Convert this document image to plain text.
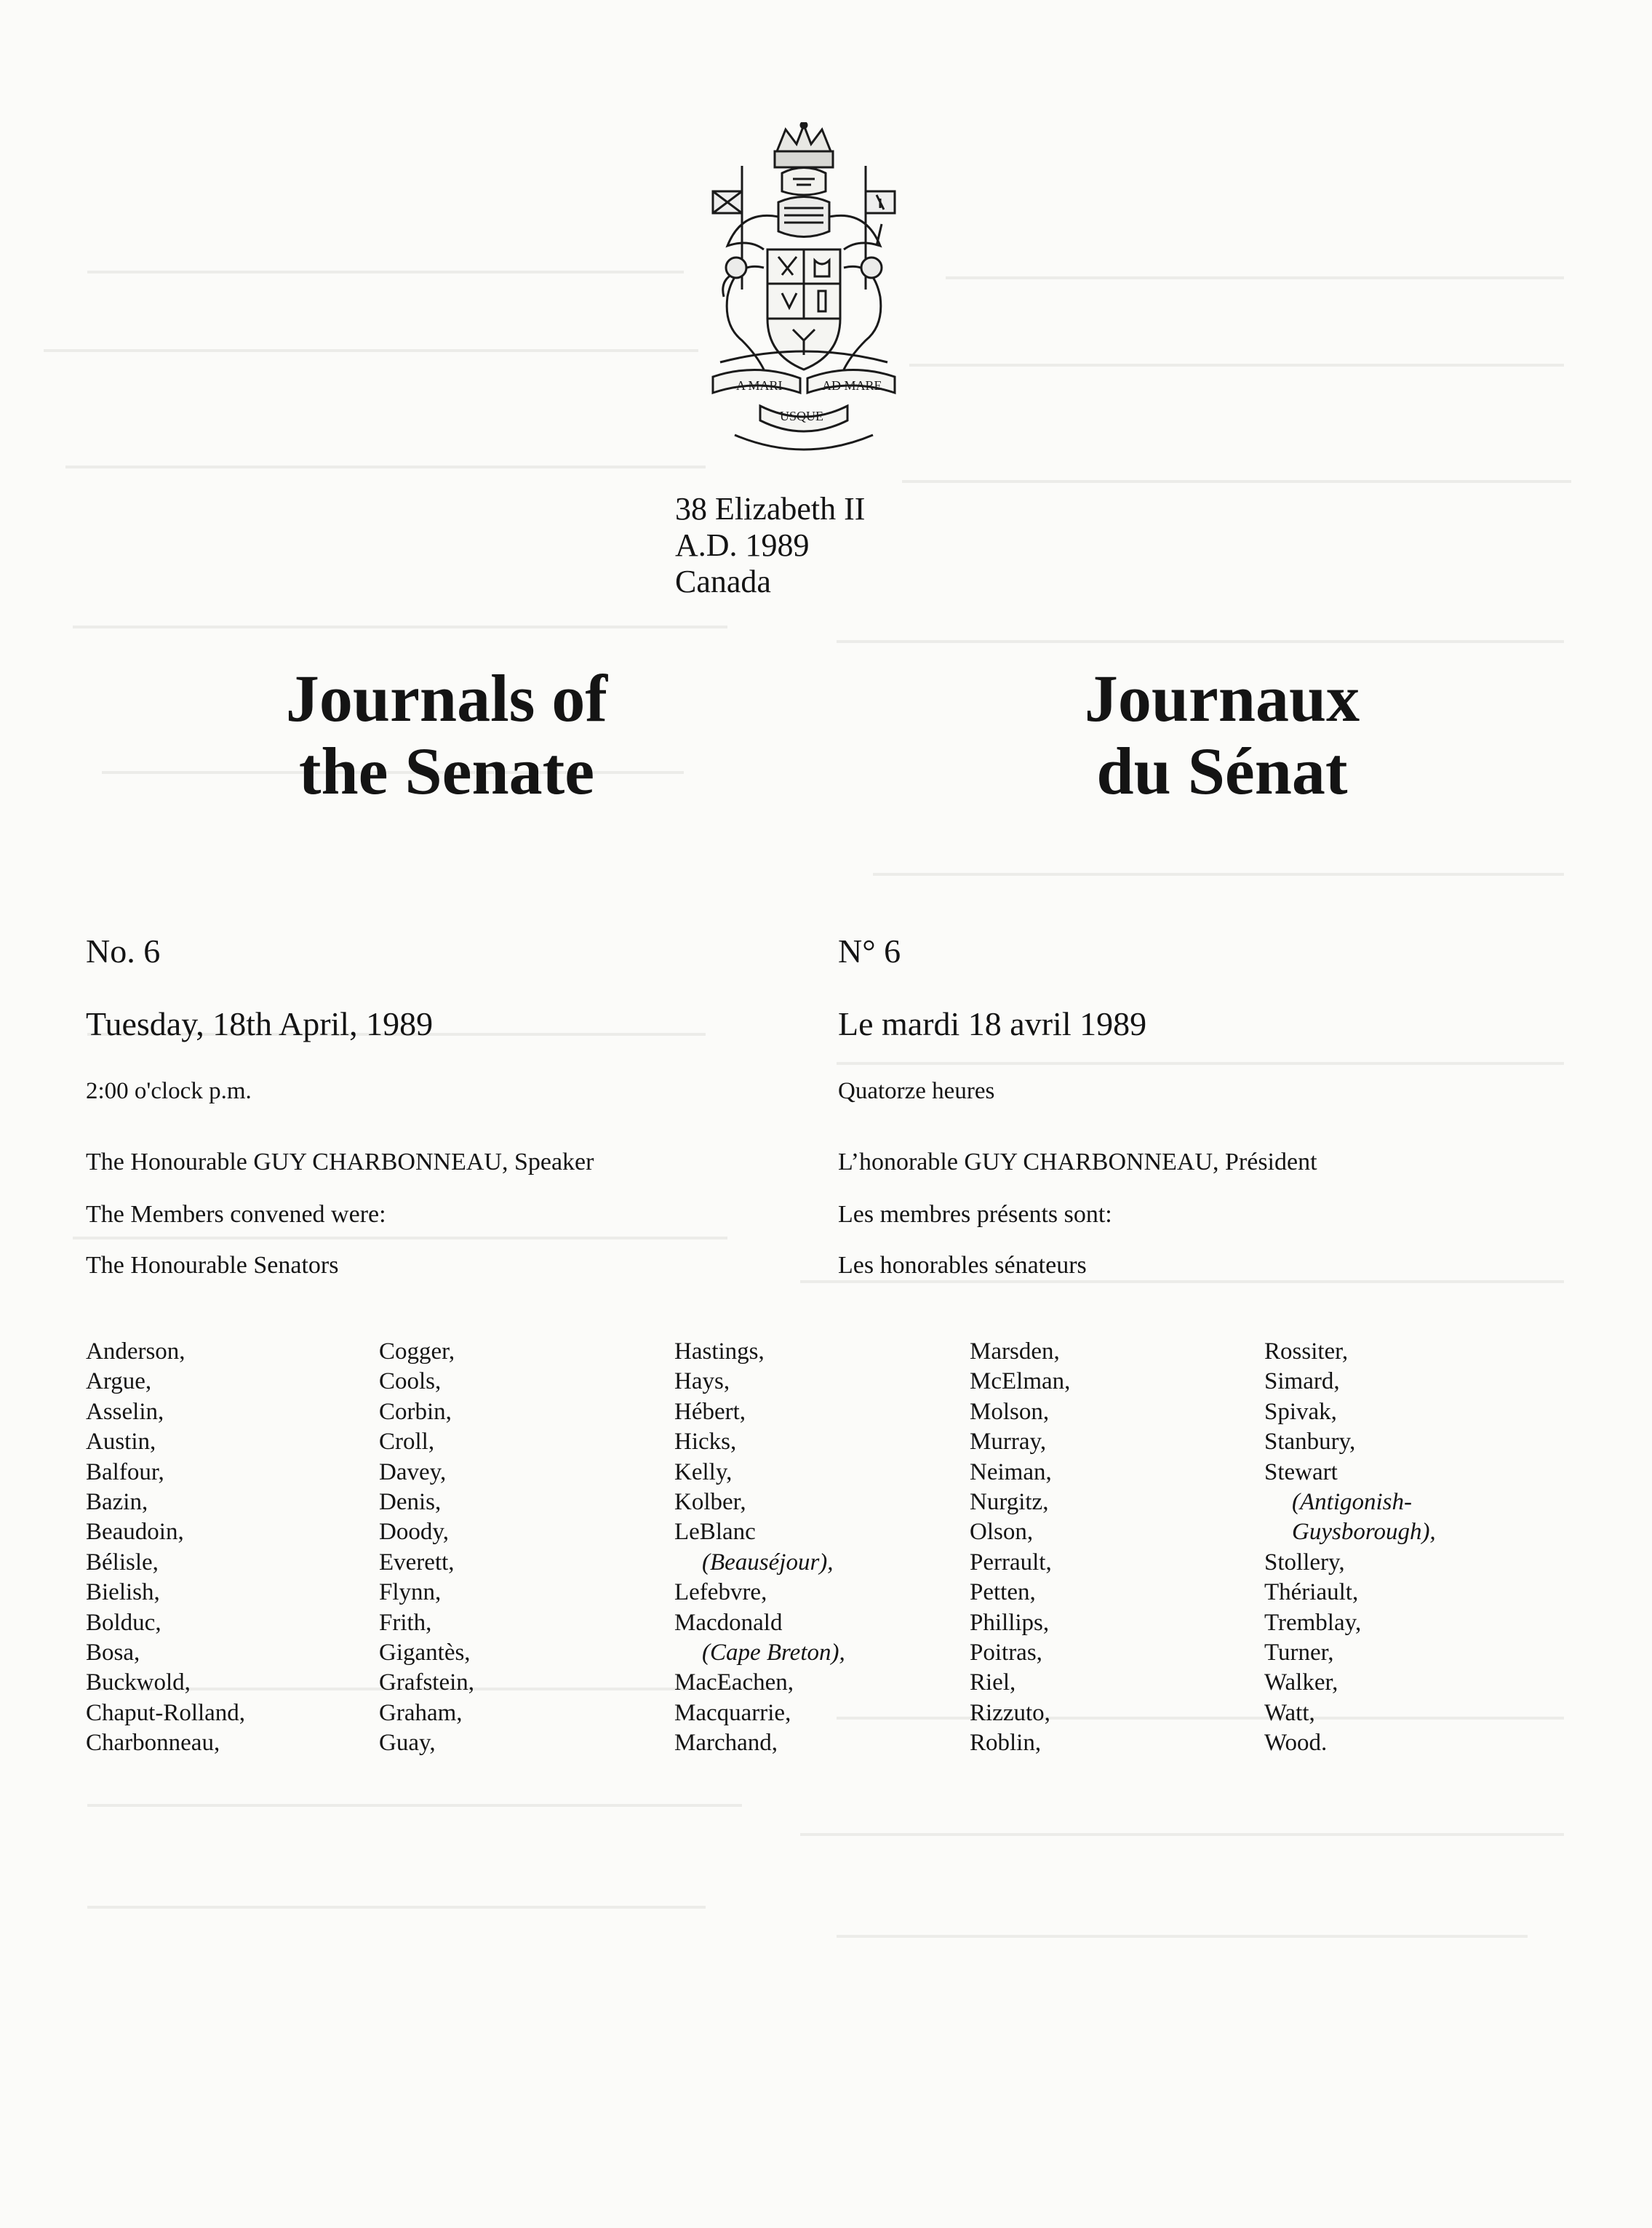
A MARI	AD MARE
USQUE
38 Elizabeth II
A.D. 1989
Canada
Journals of
the Senate
Journaux
du Sénat
No. 6
Tuesday, 18th April, 1989
2:00 o'clock p.m.
The Honourable GUY CHARBONNEAU, Speaker
The Members convened were:
The Honourable Senators
N° 6
Le mardi 18 avril 1989
Quatorze heures
L’honorable GUY CHARBONNEAU, Président
Les membres présents sont:
Les honorables sénateurs
Anderson,
Argue,
Asselin,
Austin,
Balfour,
Bazin,
Beaudoin,
Bélisle,
Bielish,
Bolduc,
Bosa,
Buckwold,
Chaput-Rolland,
Charbonneau,
Cogger,
Cools,
Corbin,
Croll,
Davey,
Denis,
Doody,
Everett,
Flynn,
Frith,
Gigantès,
Grafstein,
Graham,
Guay,
Hastings,
Hays,
Hébert,
Hicks,
Kelly,
Kolber,
LeBlanc
(Beauséjour),
Lefebvre,
Macdonald
(Cape Breton),
MacEachen,
Macquarrie,
Marchand,
Marsden,
McElman,
Molson,
Murray,
Neiman,
Nurgitz,
Olson,
Perrault,
Petten,
Phillips,
Poitras,
Riel,
Rizzuto,
Roblin,
Rossiter,
Simard,
Spivak,
Stanbury,
Stewart
(Antigonish-
Guysborough),
Stollery,
Thériault,
Tremblay,
Turner,
Walker,
Watt,
Wood.
